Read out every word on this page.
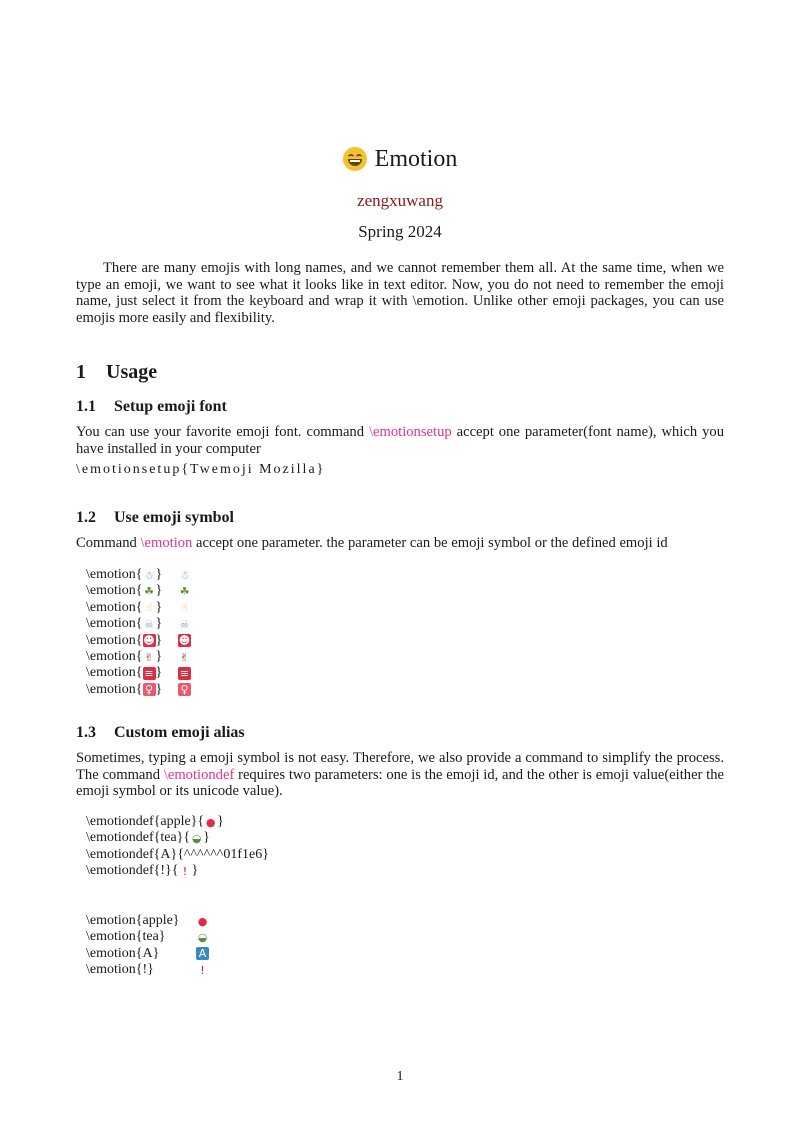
Emotion
zengxuwang
Spring 2024

There are many emojis with long names, and we cannot remember them all. At the same time, when we type an emoji, we want to see what it looks like in text editor. Now, you do not need to remember the emoji name, just select it from the keyboard and wrap it with \emotion. Unlike other emoji packages, you can use emojis more easily and flexibility.

1 Usage
1.1 Setup emoji font

You can use your favorite emoji font. command \emotionsetup accept one parameter(font name), which you have installed in your computer

\emotionsetup{Twemoji Mozilla}
1.2 Use emoji symbol

Command \emotion accept one parameter. the parameter can be emoji symbol or the defined emoji id

\emotion{ ☃ } ☃
\emotion{ ☘ } ☘
\emotion{ ☝ } ☝
\emotion{ ☠ } ☠
\emotion{ ☻ } ☻
\emotion{ ✌ } ✌
\emotion{ ≡ } ≡
\emotion{ ♀ } ♀
1.3 Custom emoji alias

Sometimes, typing a emoji symbol is not easy. Therefore, we also provide a command to simplify the process. The command \emotiondef requires two parameters: one is the emoji id, and the other is emoji value(either the emoji symbol or its unicode value).

\emotiondef{apple}{ ● }
\emotiondef{tea}{ ◒ }
\emotiondef{A}{ ^^^^^^01f1e6 }
\emotiondef{!}{ ! }
\emotion{apple}	●
\emotion{tea}	◒
\emotion{A}	A
\emotion{!}	!
1
